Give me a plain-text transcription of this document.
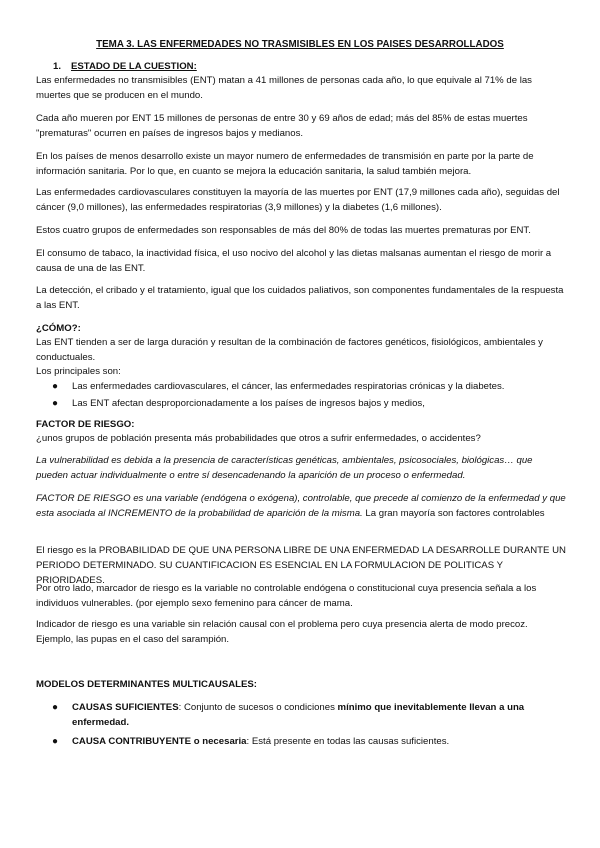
TEMA 3. LAS ENFERMEDADES NO TRASMISIBLES EN LOS PAISES DESARROLLADOS

1. ESTADO DE LA CUESTION:

Las enfermedades no transmisibles (ENT) matan a 41 millones de personas cada año, lo que equivale al 71% de las muertes que se producen en el mundo.

Cada año mueren por ENT 15 millones de personas de entre 30 y 69 años de edad; más del 85% de estas muertes "prematuras" ocurren en países de ingresos bajos y medianos.

En los países de menos desarrollo existe un mayor numero de enfermedades de transmisión en parte por la parte de información sanitaria. Por lo que, en cuanto se mejora la educación sanitaria, la salud también mejora.

Las enfermedades cardiovasculares constituyen la mayoría de las muertes por ENT (17,9 millones cada año), seguidas del cáncer (9,0 millones), las enfermedades respiratorias (3,9 millones) y la diabetes (1,6 millones).

Estos cuatro grupos de enfermedades son responsables de más del 80% de todas las muertes prematuras por ENT.

El consumo de tabaco, la inactividad física, el uso nocivo del alcohol y las dietas malsanas aumentan el riesgo de morir a causa de una de las ENT.

La detección, el cribado y el tratamiento, igual que los cuidados paliativos, son componentes fundamentales de la respuesta a las ENT.

¿CÓMO?:

Las ENT tienden a ser de larga duración y resultan de la combinación de factores genéticos, fisiológicos, ambientales y conductuales.

Los principales son:

● Las enfermedades cardiovasculares, el cáncer, las enfermedades respiratorias crónicas y la diabetes.
● Las ENT afectan desproporcionadamente a los países de ingresos bajos y medios,

FACTOR DE RIESGO:

¿unos grupos de población presenta más probabilidades que otros a sufrir enfermedades, o accidentes?

La vulnerabilidad es debida a la presencia de características genéticas, ambientales, psicosociales, biológicas… que pueden actuar individualmente o entre sí desencadenando la aparición de un proceso o enfermedad.

FACTOR DE RIESGO es una variable (endógena o exógena), controlable, que precede al comienzo de la enfermedad y que esta asociada al INCREMENTO de la probabilidad de aparición de la misma. La gran mayoría son factores controlables

El riesgo es la PROBABILIDAD DE QUE UNA PERSONA LIBRE DE UNA ENFERMEDAD LA DESARROLLE DURANTE UN PERIODO DETERMINADO. SU CUANTIFICACION ES ESENCIAL EN LA FORMULACION DE POLITICAS Y PRIORIDADES.

Por otro lado, marcador de riesgo es la variable no controlable endógena o constitucional cuya presencia señala a los individuos vulnerables. (por ejemplo sexo femenino para cáncer de mama.

Indicador de riesgo es una variable sin relación causal con el problema pero cuya presencia alerta de modo precoz. Ejemplo, las pupas en el caso del sarampión.

MODELOS DETERMINANTES MULTICAUSALES:

● CAUSAS SUFICIENTES: Conjunto de sucesos o condiciones mínimo que inevitablemente llevan a una enfermedad.
● CAUSA CONTRIBUYENTE o necesaria: Está presente en todas las causas suficientes.
